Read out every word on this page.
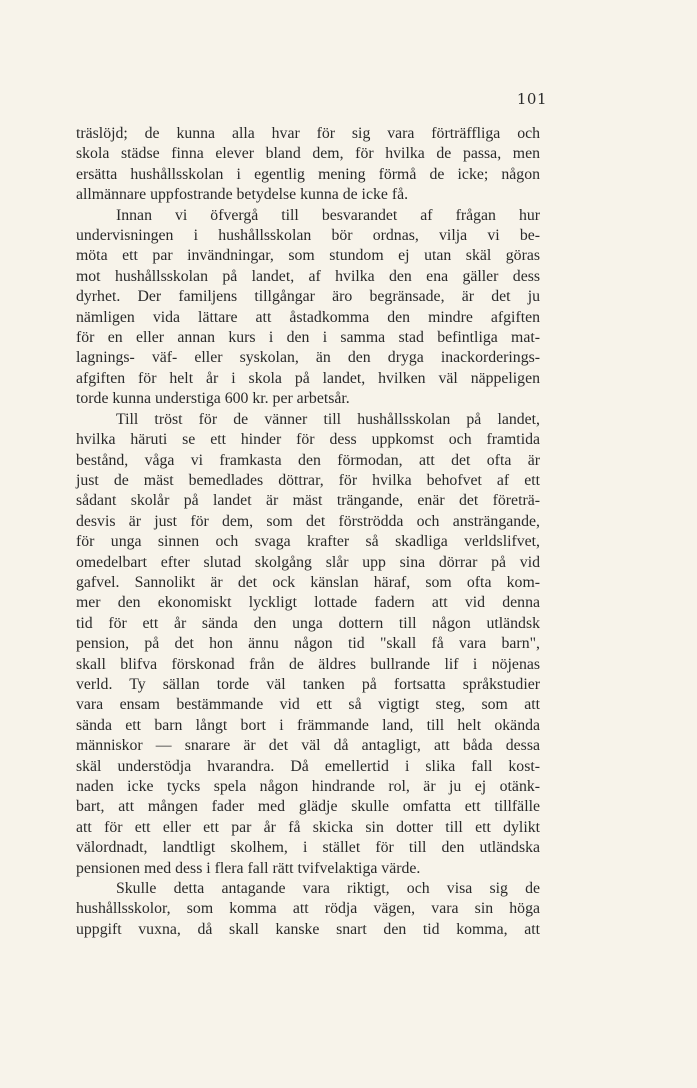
101
träslöjd; de kunna alla hvar för sig vara förträffliga och
skola städse finna elever bland dem, för hvilka de passa, men
ersätta hushållsskolan i egentlig mening förmå de icke; någon
allmännare uppfostrande betydelse kunna de icke få.
Innan vi öfvergå till besvarandet af frågan hur
undervisningen i hushållsskolan bör ordnas, vilja vi be-
möta ett par invändningar, som stundom ej utan skäl göras
mot hushållsskolan på landet, af hvilka den ena gäller dess
dyrhet. Der familjens tillgångar äro begränsade, är det ju
nämligen vida lättare att åstadkomma den mindre afgiften
för en eller annan kurs i den i samma stad befintliga mat-
lagnings- väf- eller syskolan, än den dryga inackorderings-
afgiften för helt år i skola på landet, hvilken väl näppeligen
torde kunna understiga 600 kr. per arbetsår.
Till tröst för de vänner till hushållsskolan på landet,
hvilka häruti se ett hinder för dess uppkomst och framtida
bestånd, våga vi framkasta den förmodan, att det ofta är
just de mäst bemedlades döttrar, för hvilka behofvet af ett
sådant skolår på landet är mäst trängande, enär det företrä-
desvis är just för dem, som det förströdda och ansträngande,
för unga sinnen och svaga krafter så skadliga verldslifvet,
omedelbart efter slutad skolgång slår upp sina dörrar på vid
gafvel. Sannolikt är det ock känslan häraf, som ofta kom-
mer den ekonomiskt lyckligt lottade fadern att vid denna
tid för ett år sända den unga dottern till någon utländsk
pension, på det hon ännu någon tid "skall få vara barn",
skall blifva förskonad från de äldres bullrande lif i nöjenas
verld. Ty sällan torde väl tanken på fortsatta språkstudier
vara ensam bestämmande vid ett så vigtigt steg, som att
sända ett barn långt bort i främmande land, till helt okända
människor — snarare är det väl då antagligt, att båda dessa
skäl understödja hvarandra. Då emellertid i slika fall kost-
naden icke tycks spela någon hindrande rol, är ju ej otänk-
bart, att mången fader med glädje skulle omfatta ett tillfälle
att för ett eller ett par år få skicka sin dotter till ett dylikt
välordnadt, landtligt skolhem, i stället för till den utländska
pensionen med dess i flera fall rätt tvifvelaktiga värde.
Skulle detta antagande vara riktigt, och visa sig de
hushållsskolor, som komma att rödja vägen, vara sin höga
uppgift vuxna, då skall kanske snart den tid komma, att
